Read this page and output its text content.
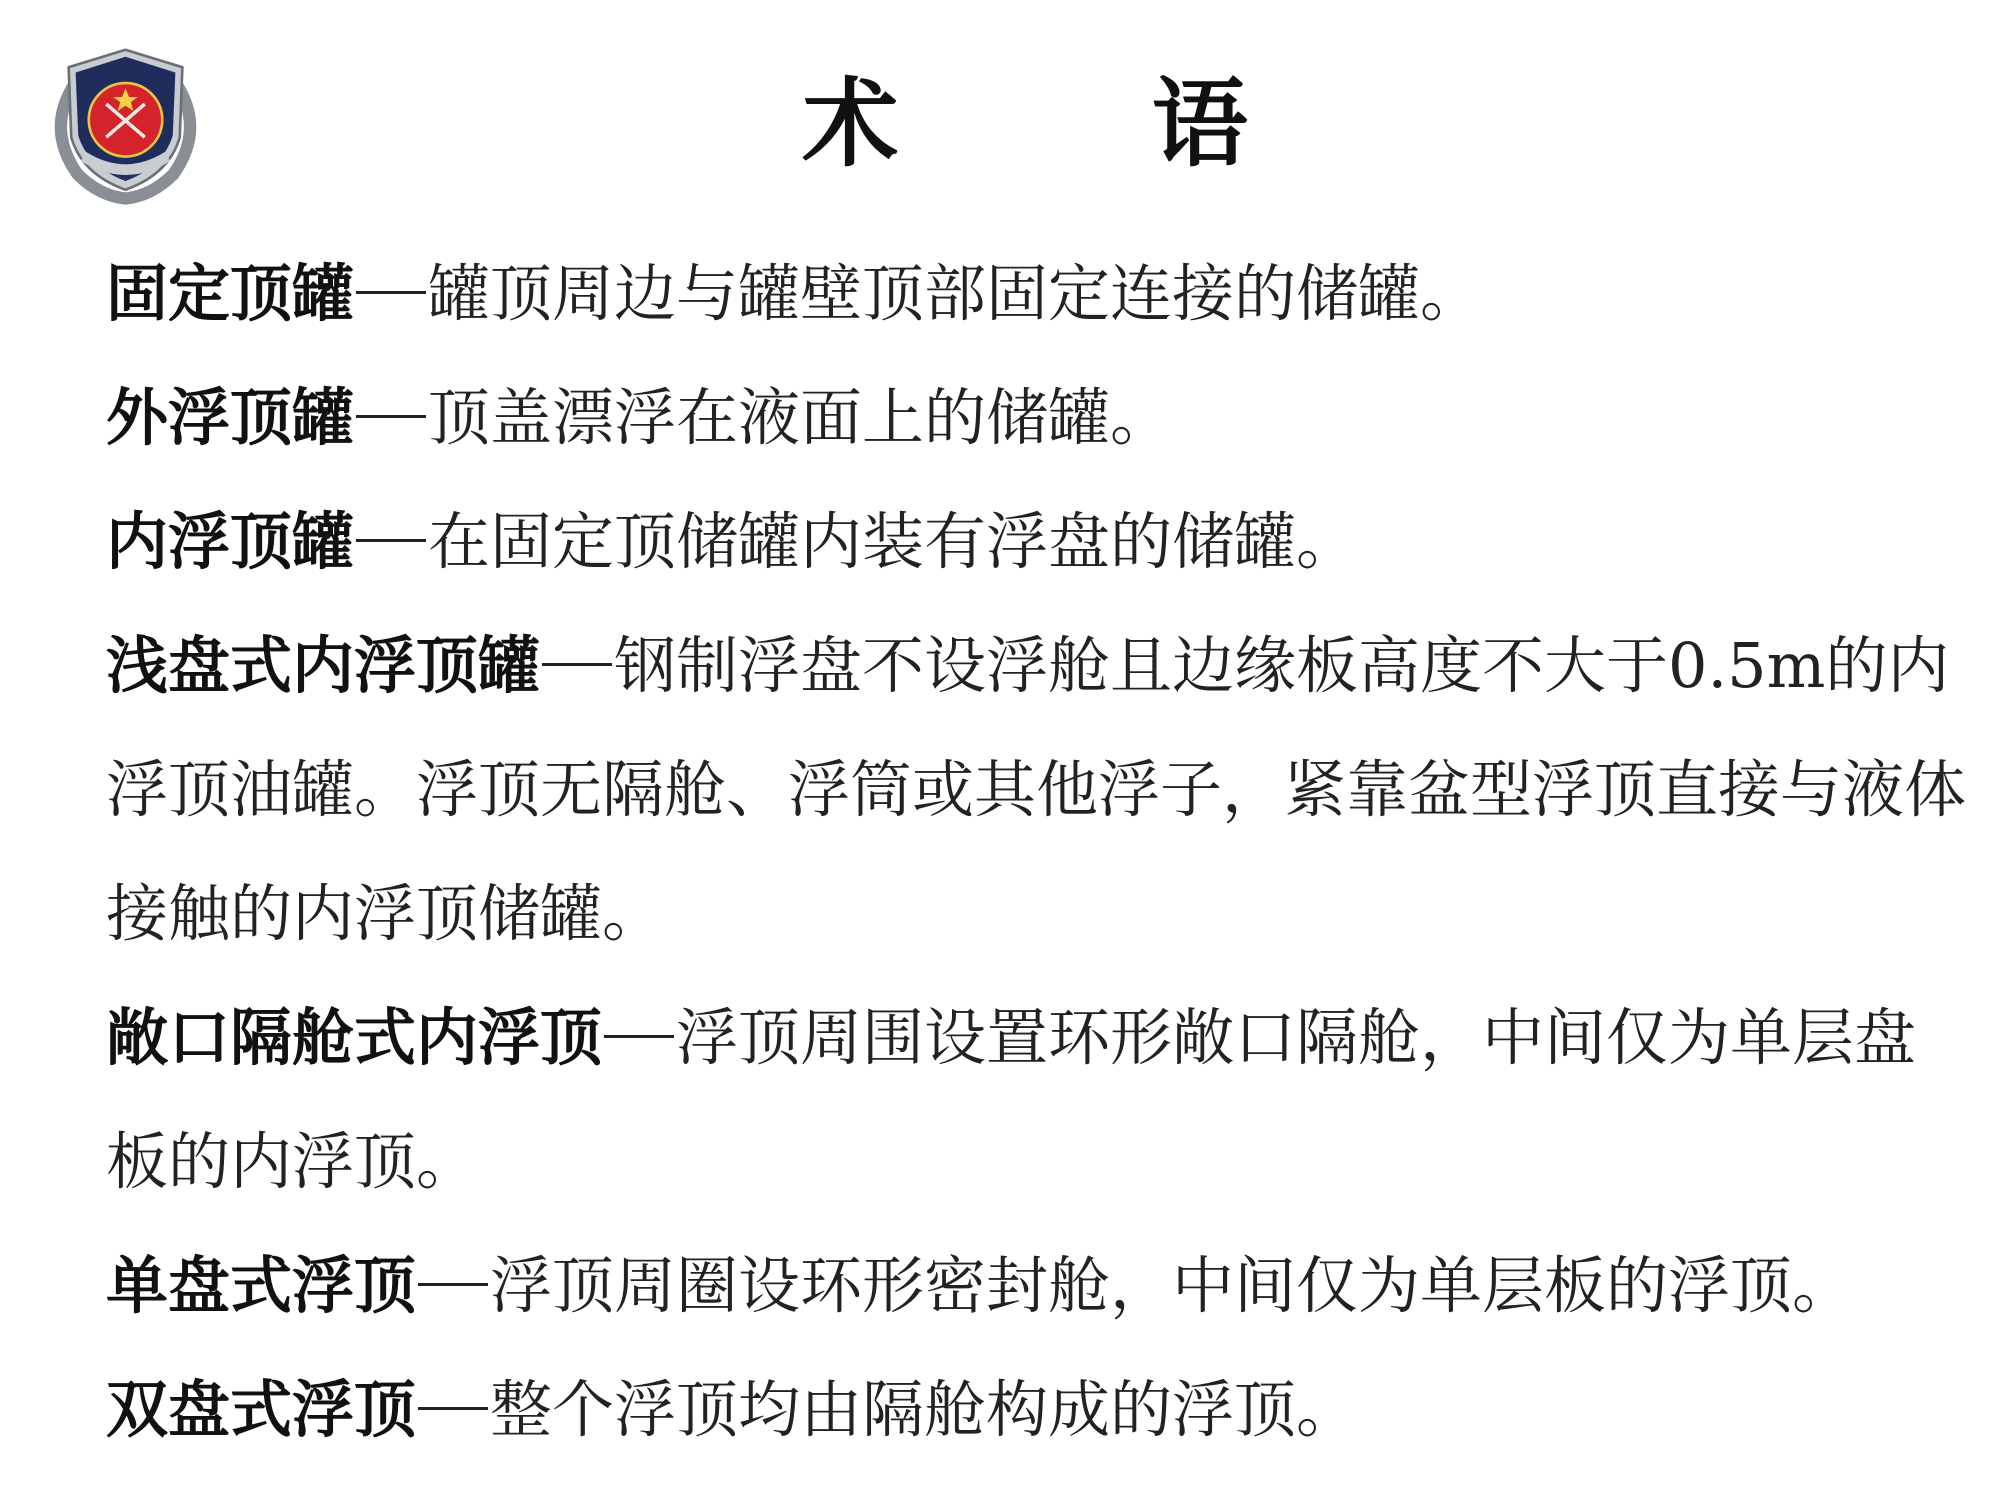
术 语

固定顶罐 罐顶周边与罐壁顶部固定连接的储罐。

外浮顶罐 顶盖漂浮在液面上的储罐。

内浮顶罐 在固定顶储罐内装有浮盘的储罐。

浅盘式内浮顶罐 钢制浮盘不设浮舱且边缘板高度不大于0.5m的内浮顶油罐。浮顶无隔舱、浮筒或其他浮子，紧靠盆型浮顶直接与液体接触的内浮顶储罐。

敞口隔舱式内浮顶 浮顶周围设置环形敞口隔舱，中间仅为单层盘板的内浮顶。

单盘式浮顶 浮顶周圈设环形密封舱，中间仅为单层板的浮顶。

双盘式浮顶 整个浮顶均由隔舱构成的浮顶。
